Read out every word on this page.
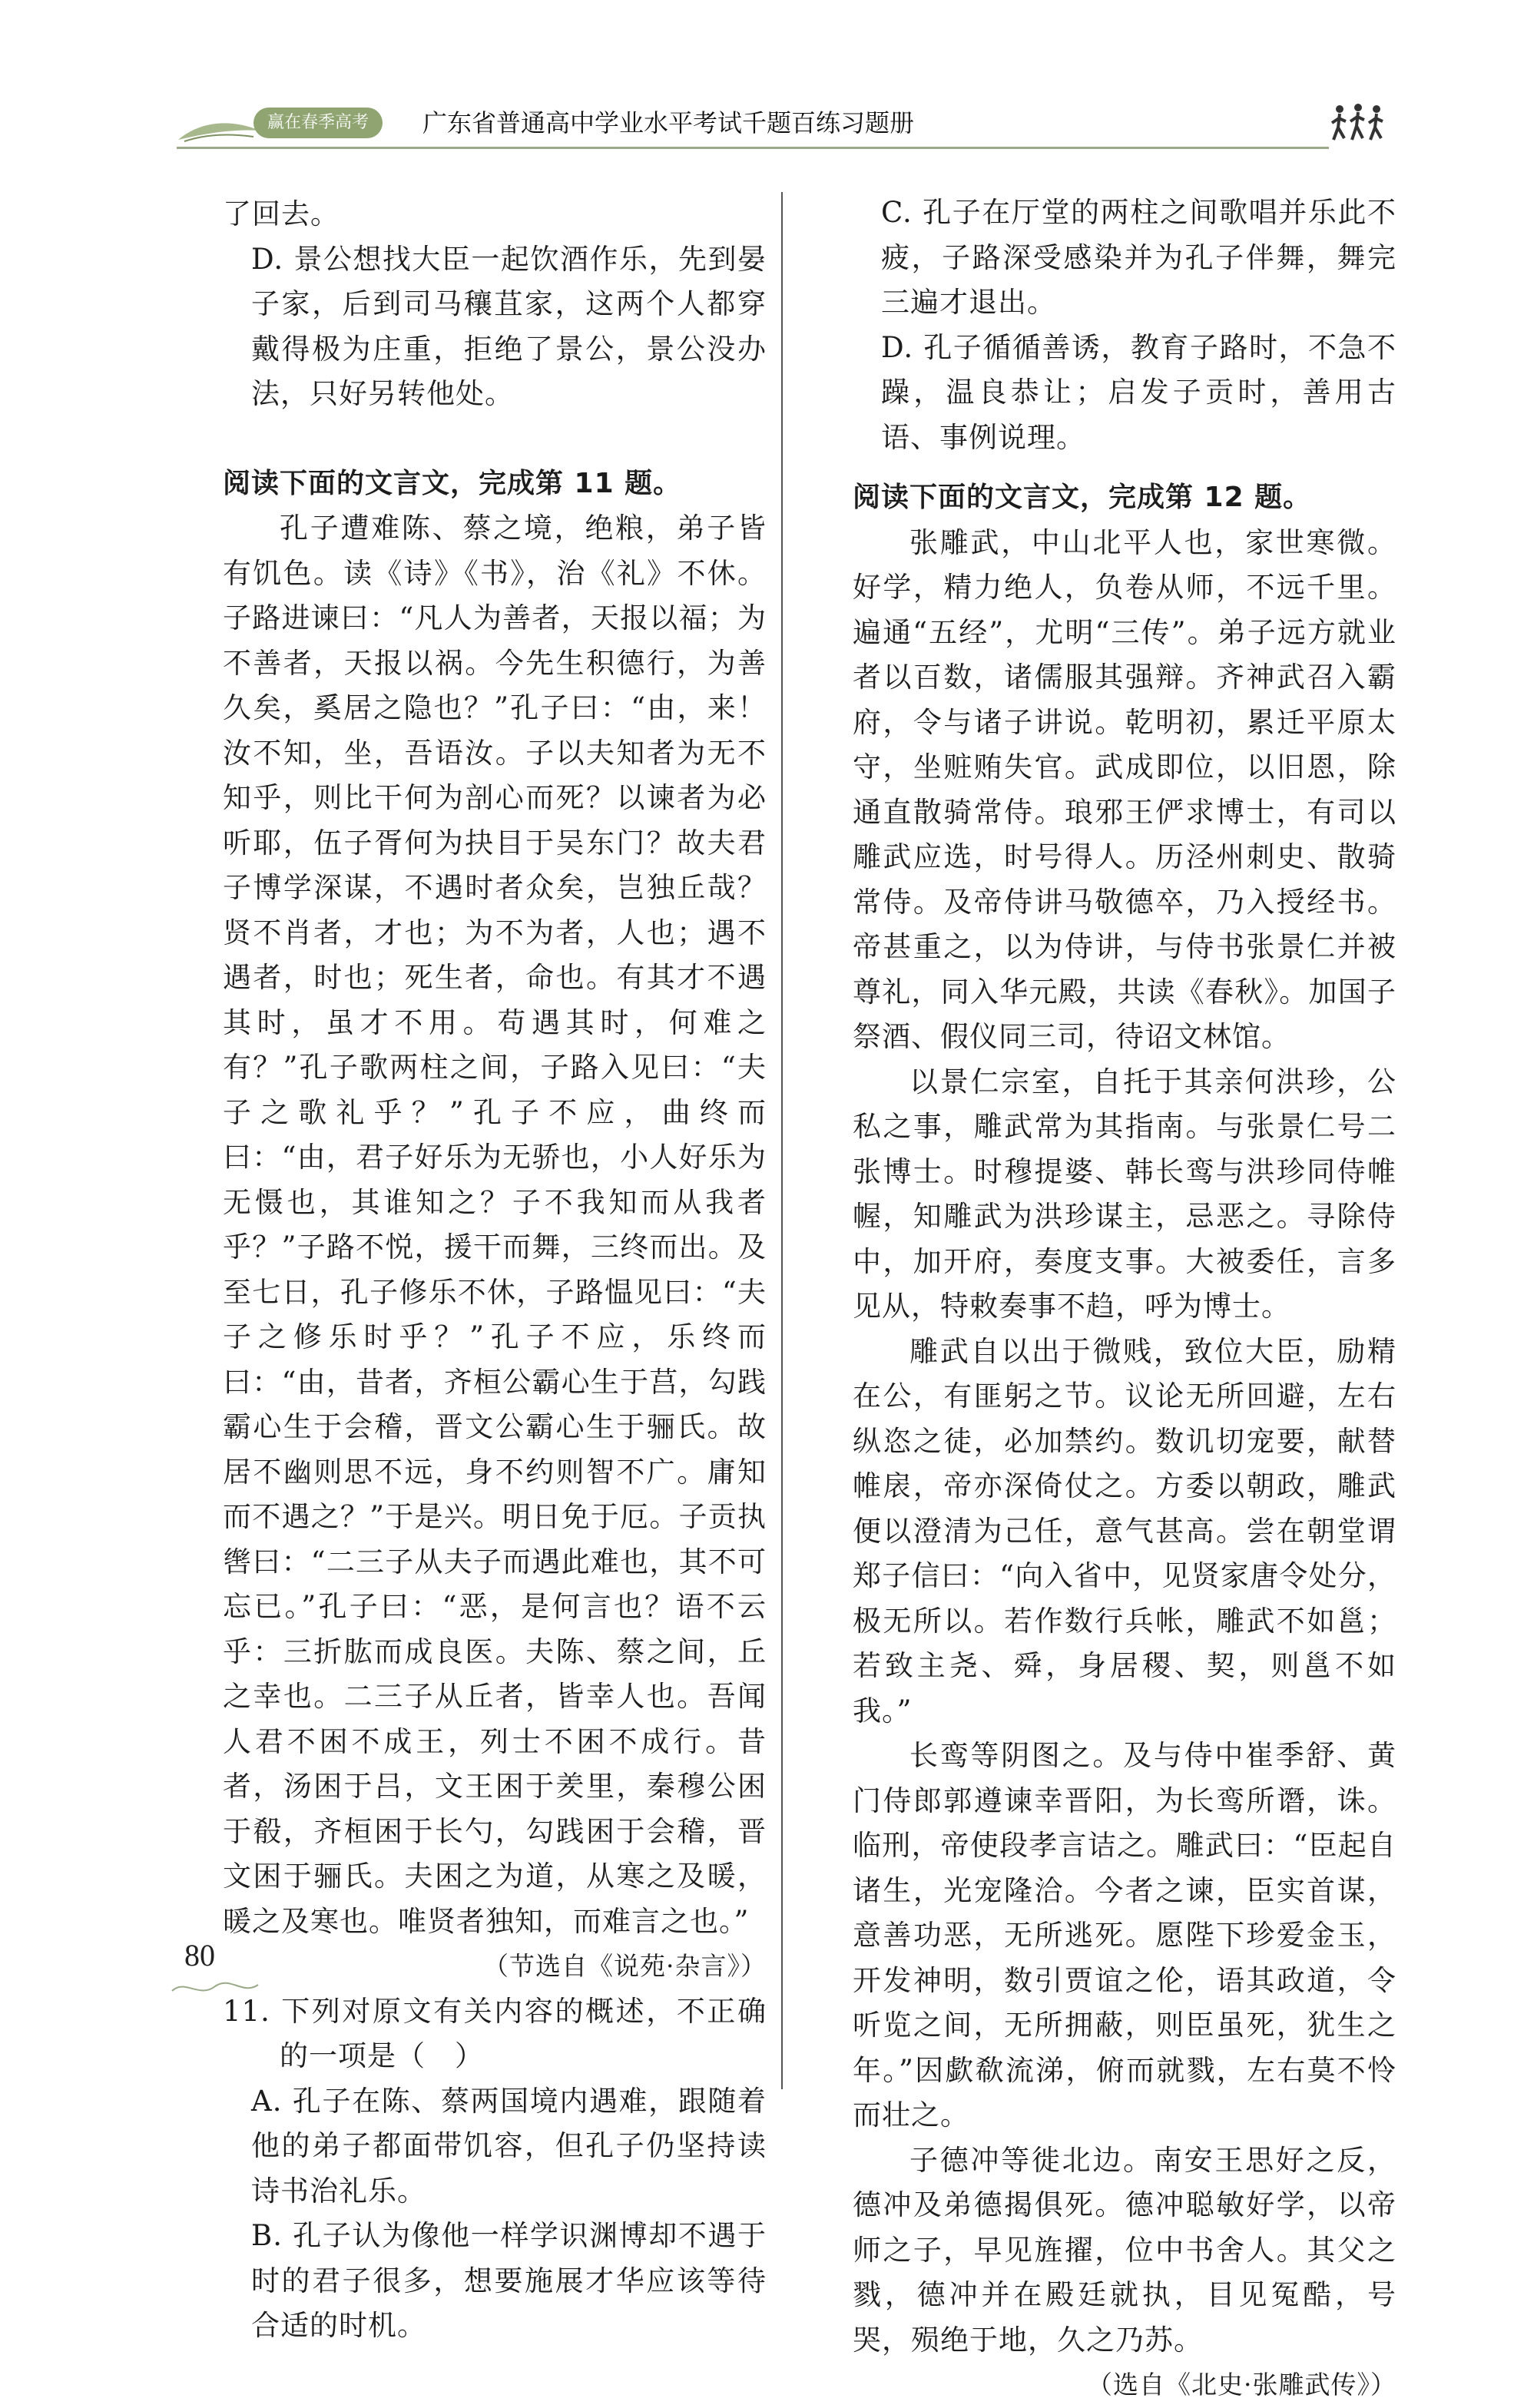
赢在春季高考	广东省普通高中学业水平考试千题百练习题册

了回去。

D. 景公想找大臣一起饮酒作乐，先到晏子家，后到司马穰苴家，这两个人都穿戴得极为庄重，拒绝了景公，景公没办法，只好另转他处。

阅读下面的文言文，完成第 11 题。

孔子遭难陈、蔡之境，绝粮，弟子皆有饥色。读《诗》《书》，治《礼》不休。子路进谏曰：“凡人为善者，天报以福；为不善者，天报以祸。今先生积德行，为善久矣，奚居之隐也？”孔子曰：“由，来！汝不知，坐，吾语汝。子以夫知者为无不知乎，则比干何为剖心而死？以谏者为必听耶，伍子胥何为抉目于吴东门？故夫君子博学深谋，不遇时者众矣，岂独丘哉？贤不肖者，才也；为不为者，人也；遇不遇者，时也；死生者，命也。有其才不遇其时，虽才不用。苟遇其时，何难之有？”孔子歌两柱之间，子路入见曰：“夫子之歌礼乎？”孔子不应，曲终而曰：“由，君子好乐为无骄也，小人好乐为无慑也，其谁知之？子不我知而从我者乎？”子路不悦，援干而舞，三终而出。及至七日，孔子修乐不休，子路愠见曰：“夫子之修乐时乎？”孔子不应，乐终而曰：“由，昔者，齐桓公霸心生于莒，勾践霸心生于会稽，晋文公霸心生于骊氏。故居不幽则思不远，身不约则智不广。庸知而不遇之？”于是兴。明日免于厄。子贡执辔曰：“二三子从夫子而遇此难也，其不可忘已。”孔子曰：“恶，是何言也？语不云乎：三折肱而成良医。夫陈、蔡之间，丘之幸也。二三子从丘者，皆幸人也。吾闻人君不困不成王，列士不困不成行。昔者，汤困于吕，文王困于羑里，秦穆公困于殽，齐桓困于长勺，勾践困于会稽，晋文困于骊氏。夫困之为道，从寒之及暖，暖之及寒也。唯贤者独知，而难言之也。”

（节选自《说苑·杂言》）

11. 下列对原文有关内容的概述，不正确的一项是（　）

A. 孔子在陈、蔡两国境内遇难，跟随着他的弟子都面带饥容，但孔子仍坚持读诗书治礼乐。

B. 孔子认为像他一样学识渊博却不遇于时的君子很多，想要施展才华应该等待合适的时机。

C. 孔子在厅堂的两柱之间歌唱并乐此不疲，子路深受感染并为孔子伴舞，舞完三遍才退出。

D. 孔子循循善诱，教育子路时，不急不躁，温良恭让；启发子贡时，善用古语、事例说理。

阅读下面的文言文，完成第 12 题。

张雕武，中山北平人也，家世寒微。好学，精力绝人，负卷从师，不远千里。遍通“五经”，尤明“三传”。弟子远方就业者以百数，诸儒服其强辩。齐神武召入霸府，令与诸子讲说。乾明初，累迁平原太守，坐赃贿失官。武成即位，以旧恩，除通直散骑常侍。琅邪王俨求博士，有司以雕武应选，时号得人。历泾州刺史、散骑常侍。及帝侍讲马敬德卒，乃入授经书。帝甚重之，以为侍讲，与侍书张景仁并被尊礼，同入华元殿，共读《春秋》。加国子祭酒、假仪同三司，待诏文林馆。

以景仁宗室，自托于其亲何洪珍，公私之事，雕武常为其指南。与张景仁号二张博士。时穆提婆、韩长鸾与洪珍同侍帷幄，知雕武为洪珍谋主，忌恶之。寻除侍中，加开府，奏度支事。大被委任，言多见从，特敕奏事不趋，呼为博士。

雕武自以出于微贱，致位大臣，励精在公，有匪躬之节。议论无所回避，左右纵恣之徒，必加禁约。数讥切宠要，献替帷扆，帝亦深倚仗之。方委以朝政，雕武便以澄清为己任，意气甚高。尝在朝堂谓郑子信曰：“向入省中，见贤家唐令处分，极无所以。若作数行兵帐，雕武不如邕；若致主尧、舜，身居稷、契，则邕不如我。”

长鸾等阴图之。及与侍中崔季舒、黄门侍郎郭遵谏幸晋阳，为长鸾所谮，诛。临刑，帝使段孝言诘之。雕武曰：“臣起自诸生，光宠隆洽。今者之谏，臣实首谋，意善功恶，无所逃死。愿陛下珍爱金玉，开发神明，数引贾谊之伦，语其政道，令听览之间，无所拥蔽，则臣虽死，犹生之年。”因歔欷流涕，俯而就戮，左右莫不怜而壮之。

子德冲等徙北边。南安王思好之反，德冲及弟德揭俱死。德冲聪敏好学，以帝师之子，早见旌擢，位中书舍人。其父之戮，德冲并在殿廷就执，目见冤酷，号哭，殒绝于地，久之乃苏。

（选自《北史·张雕武传》）

80
